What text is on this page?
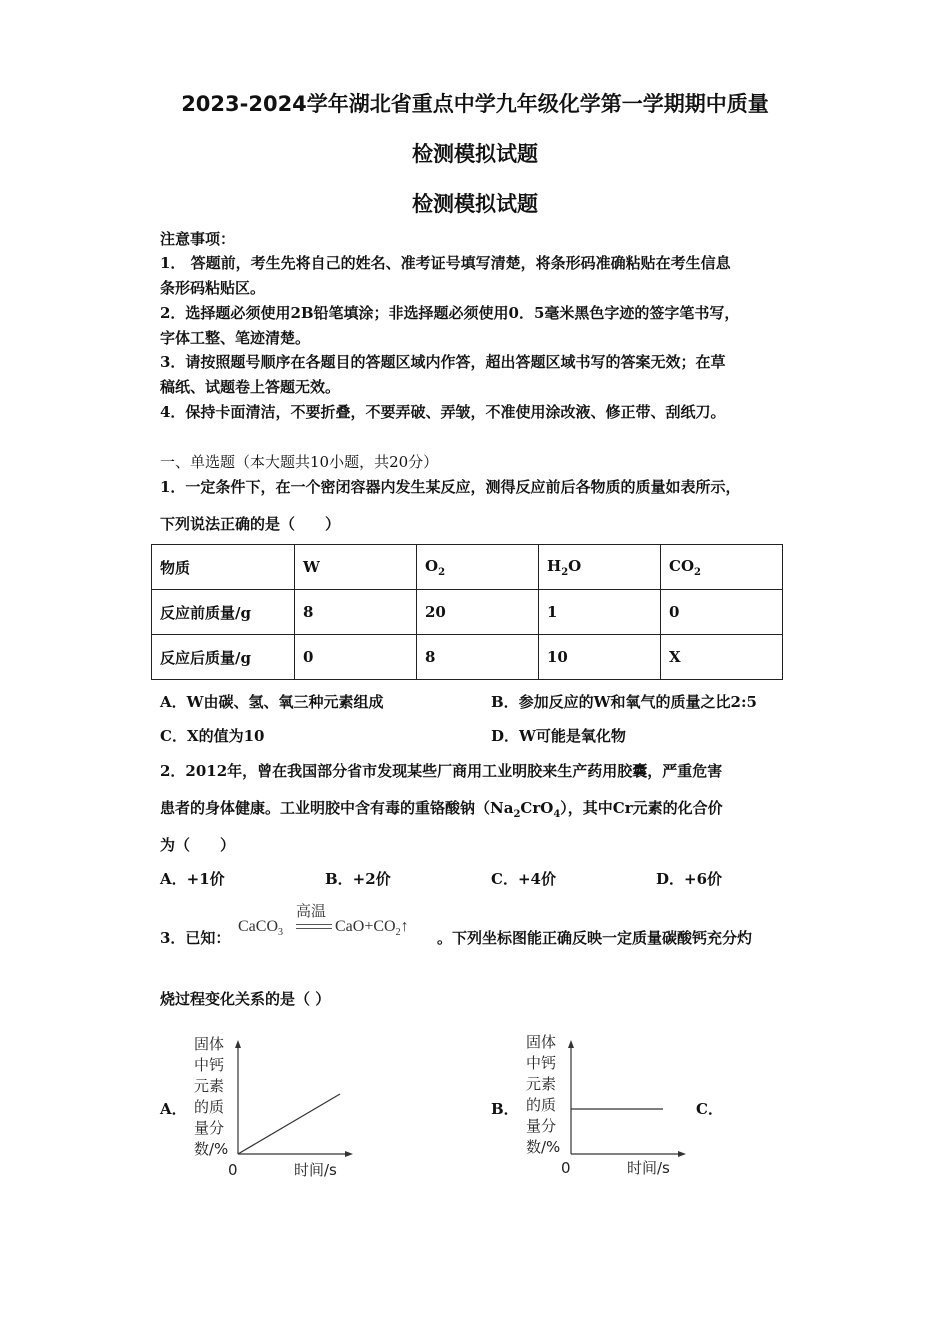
2023-2024学年湖北省重点中学九年级化学第一学期期中质量
检测模拟试题
检测模拟试题
注意事项：
1． 答题前，考生先将自己的姓名、准考证号填写清楚，将条形码准确粘贴在考生信息
条形码粘贴区。
2．选择题必须使用2B铅笔填涂；非选择题必须使用0．5毫米黑色字迹的签字笔书写，
字体工整、笔迹清楚。
3．请按照题号顺序在各题目的答题区域内作答，超出答题区域书写的答案无效；在草
稿纸、试题卷上答题无效。
4．保持卡面清洁，不要折叠，不要弄破、弄皱，不准使用涂改液、修正带、刮纸刀。
一、单选题（本大题共10小题，共20分）
1．一定条件下，在一个密闭容器内发生某反应，测得反应前后各物质的质量如表所示，
下列说法正确的是（　　）
物质	W	$O_2$	$H_2O$	$CO_2$
反应前质量/g	8	20	1	0
反应后质量/g	0	8	10	X
A．W由碳、氢、氧三种元素组成	B．参加反应的W和氧气的质量之比2:5
C．X的值为10	D．W可能是氧化物
2．2012年，曾在我国部分省市发现某些厂商用工业明胶来生产药用胶囊，严重危害
患者的身体健康。工业明胶中含有毒的重铬酸钠$(Na_2CrO_4)$，其中Cr元素的化合价
为（　　）
A．+1价	B．+2价	C．+4价	D．+6价
3．已知：
CaCO$_3$
高温
$CaO+CO_2↑$
。下列坐标图能正确反映一定质量碳酸钙充分灼
烧过程变化关系的是（ ）
A．
固体
中钙
元素
的质
量分
数/%
0	时间/s
B．
固体
中钙
元素
的质
量分
数/%
0	时间/s
C．
